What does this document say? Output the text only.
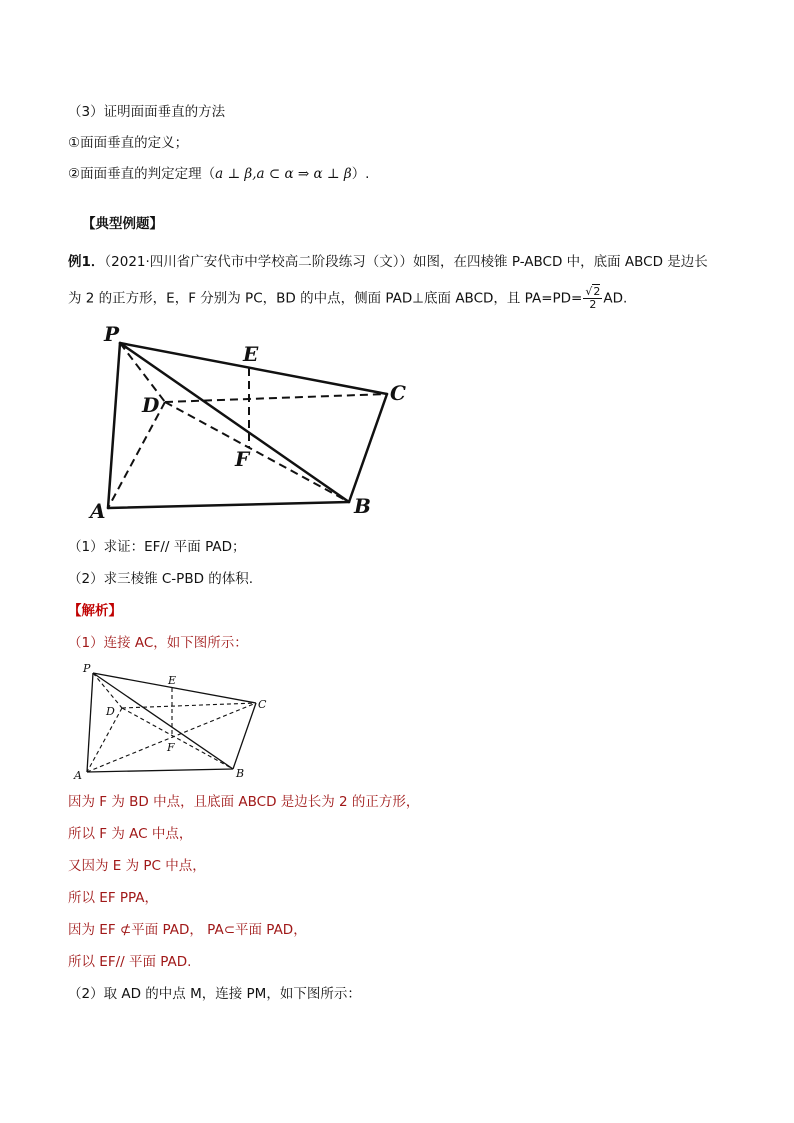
（3）证明面面垂直的方法
①面面垂直的定义；
②面面垂直的判定定理（a ⊥ β,a ⊂ α ⇒ α ⊥ β）.
【典型例题】
例1．（2021·四川省广安代市中学校高二阶段练习（文））如图，在四棱锥 P-ABCD 中，底面 ABCD 是边长
为 2 的正方形，E，F 分别为 PC，BD 的中点，侧面 PAD⊥底面 ABCD，且 $PA=PD= \frac{√2}{2}$ AD.
P
E
C
D
F
A	B
P
E
C
D
F
A	B
（1）求证：EF// 平面 PAD；
（2）求三棱锥 C-PBD 的体积.
【解析】
（1）连接 AC，如下图所示：
因为 F 为 BD 中点，且底面 ABCD 是边长为 2 的正方形，
所以 F 为 AC 中点，
又因为 E 为 PC 中点，
所以 EF PPA，
因为 EF ⊄平面 PAD， PA⊂平面 PAD，
所以 EF// 平面 PAD.
（2）取 AD 的中点 M，连接 PM，如下图所示：
